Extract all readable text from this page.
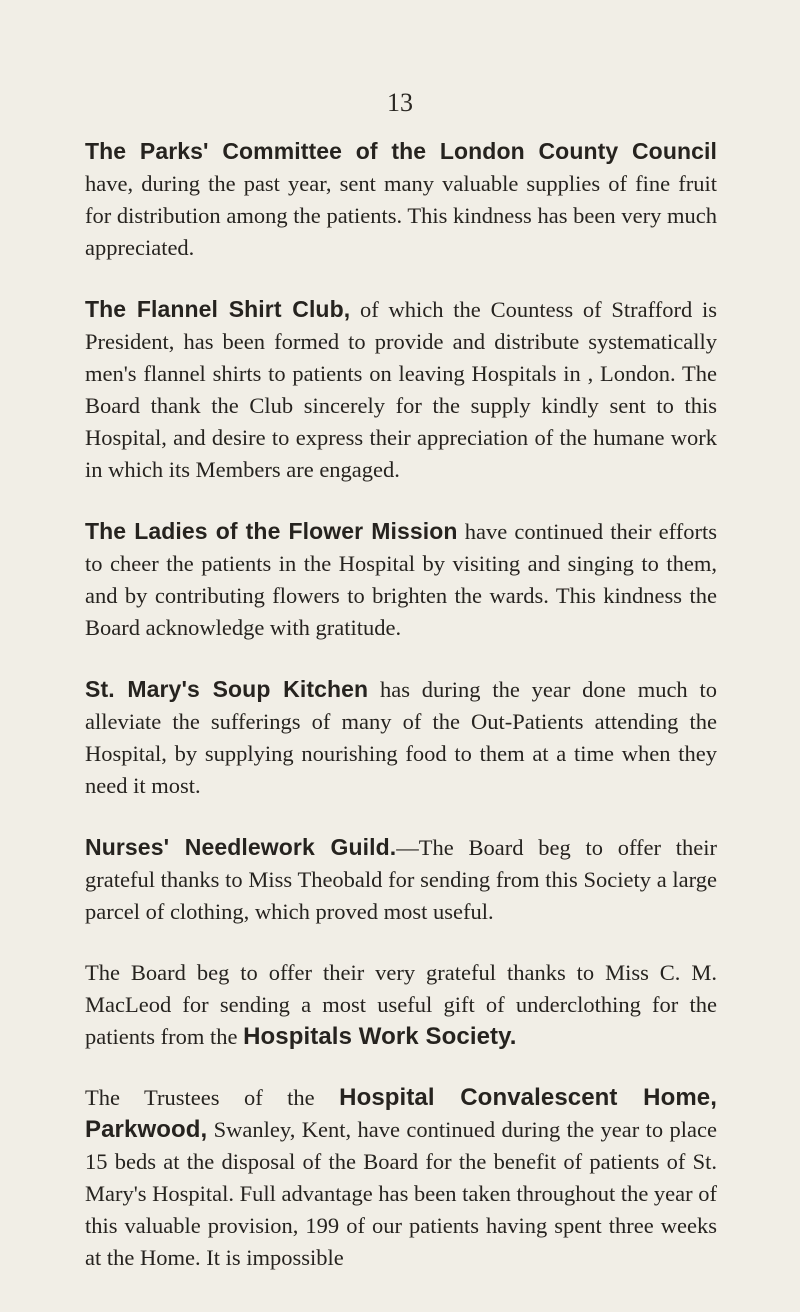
13

The Parks' Committee of the London County Council have, during the past year, sent many valuable supplies of fine fruit for distribution among the patients. This kindness has been very much appreciated.

The Flannel Shirt Club, of which the Countess of Strafford is President, has been formed to provide and distribute systematically men's flannel shirts to patients on leaving Hospitals in , London. The Board thank the Club sincerely for the supply kindly sent to this Hospital, and desire to express their appreciation of the humane work in which its Members are engaged.

The Ladies of the Flower Mission have continued their efforts to cheer the patients in the Hospital by visiting and singing to them, and by contributing flowers to brighten the wards. This kindness the Board acknowledge with gratitude.

St. Mary's Soup Kitchen has during the year done much to alleviate the sufferings of many of the Out-Patients attending the Hospital, by supplying nourishing food to them at a time when they need it most.

Nurses' Needlework Guild.—The Board beg to offer their grateful thanks to Miss Theobald for sending from this Society a large parcel of clothing, which proved most useful.

The Board beg to offer their very grateful thanks to Miss C. M. MacLeod for sending a most useful gift of underclothing for the patients from the Hospitals Work Society.

The Trustees of the Hospital Convalescent Home, Parkwood, Swanley, Kent, have continued during the year to place 15 beds at the disposal of the Board for the benefit of patients of St. Mary's Hospital. Full advantage has been taken throughout the year of this valuable provision, 199 of our patients having spent three weeks at the Home. It is impossible
